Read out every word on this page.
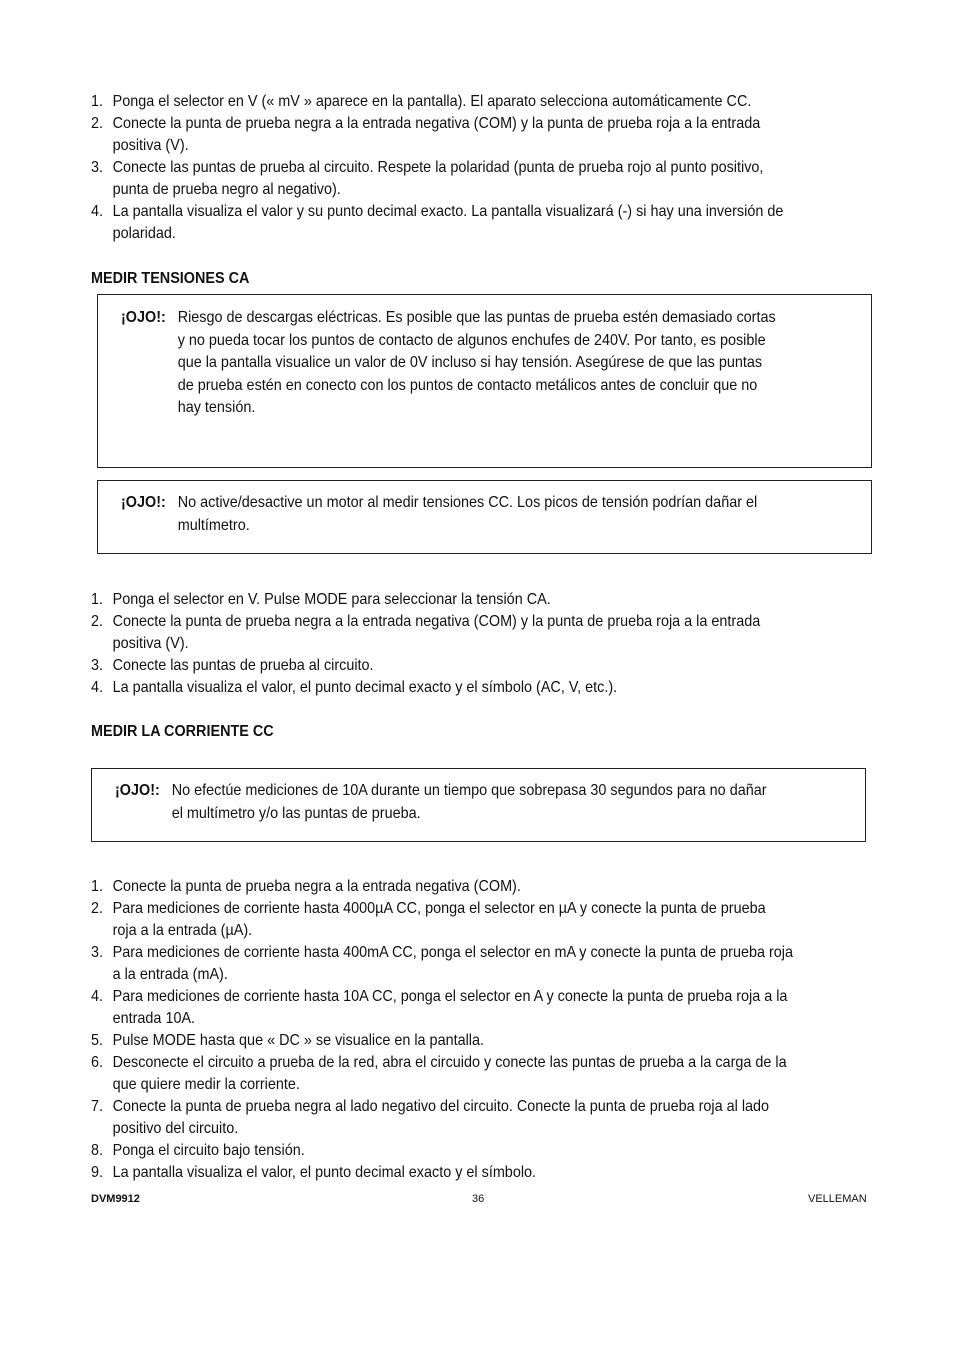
1. Ponga el selector en V (« mV » aparece en la pantalla). El aparato selecciona automáticamente CC.
2. Conecte la punta de prueba negra a la entrada negativa (COM) y la punta de prueba roja a la entrada positiva (V).
3. Conecte las puntas de prueba al circuito. Respete la polaridad (punta de prueba rojo al punto positivo, punta de prueba negro al negativo).
4. La pantalla visualiza el valor y su punto decimal exacto. La pantalla visualizará (-) si hay una inversión de polaridad.
MEDIR TENSIONES CA
¡OJO!: Riesgo de descargas eléctricas. Es posible que las puntas de prueba estén demasiado cortas y no pueda tocar los puntos de contacto de algunos enchufes de 240V. Por tanto, es posible que la pantalla visualice un valor de 0V incluso si hay tensión. Asegúrese de que las puntas de prueba estén en conecto con los puntos de contacto metálicos antes de concluir que no hay tensión.
¡OJO!: No active/desactive un motor al medir tensiones CC. Los picos de tensión podrían dañar el multímetro.
1. Ponga el selector en V. Pulse MODE para seleccionar la tensión CA.
2. Conecte la punta de prueba negra a la entrada negativa (COM) y la punta de prueba roja a la entrada positiva (V).
3. Conecte las puntas de prueba al circuito.
4. La pantalla visualiza el valor, el punto decimal exacto y el símbolo (AC, V, etc.).
MEDIR LA CORRIENTE CC
¡OJO!: No efectúe mediciones de 10A durante un tiempo que sobrepasa 30 segundos para no dañar el multímetro y/o las puntas de prueba.
1. Conecte la punta de prueba negra a la entrada negativa (COM).
2. Para mediciones de corriente hasta 4000µA CC, ponga el selector en µA y conecte la punta de prueba roja a la entrada (µA).
3. Para mediciones de corriente hasta 400mA CC, ponga el selector en mA y conecte la punta de prueba roja a la entrada (mA).
4. Para mediciones de corriente hasta 10A CC, ponga el selector en A y conecte la punta de prueba roja a la entrada 10A.
5. Pulse MODE hasta que « DC » se visualice en la pantalla.
6. Desconecte el circuito a prueba de la red, abra el circuido y conecte las puntas de prueba a la carga de la que quiere medir la corriente.
7. Conecte la punta de prueba negra al lado negativo del circuito. Conecte la punta de prueba roja al lado positivo del circuito.
8. Ponga el circuito bajo tensión.
9. La pantalla visualiza el valor, el punto decimal exacto y el símbolo.
DVM9912	36	VELLEMAN
